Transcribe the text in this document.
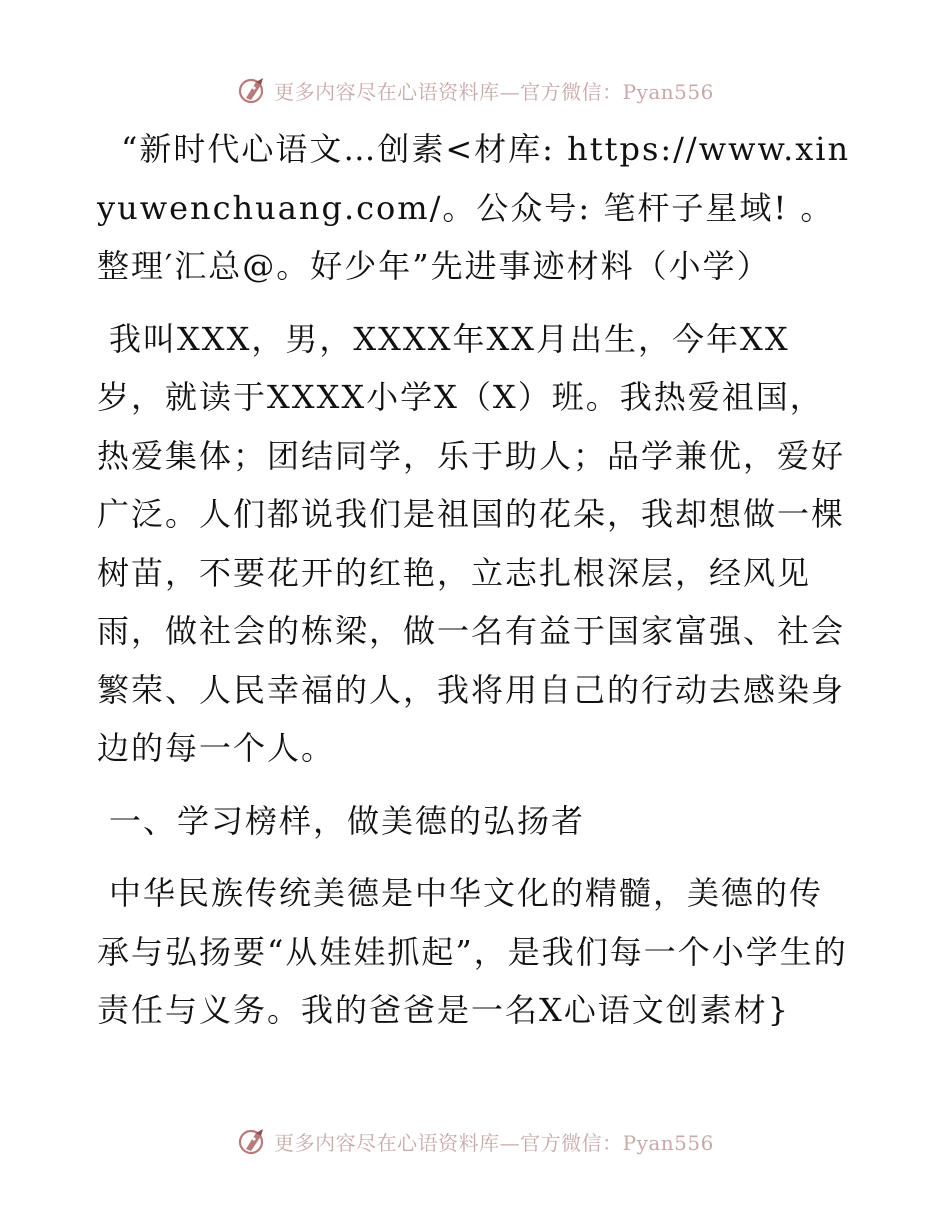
更多内容尽在心语资料库—官方微信：Pyan556

“新时代心语文…创素<材库: https://www.xinyuwenchuang.com/。公众号: 笔杆子星域! 。整理′汇总@。好少年”先进事迹材料（小学）

我叫XXX，男，XXXX年XX月出生，今年XX岁，就读于XXXX小学X（X）班。我热爱祖国，热爱集体；团结同学，乐于助人；品学兼优，爱好广泛。人们都说我们是祖国的花朵，我却想做一棵树苗，不要花开的红艳，立志扎根深层，经风见雨，做社会的栋梁，做一名有益于国家富强、社会繁荣、人民幸福的人，我将用自己的行动去感染身边的每一个人。

一、学习榜样，做美德的弘扬者

中华民族传统美德是中华文化的精髓，美德的传承与弘扬要“从娃娃抓起”，是我们每一个小学生的责任与义务。我的爸爸是一名X心语文创素材}

更多内容尽在心语资料库—官方微信：Pyan556
